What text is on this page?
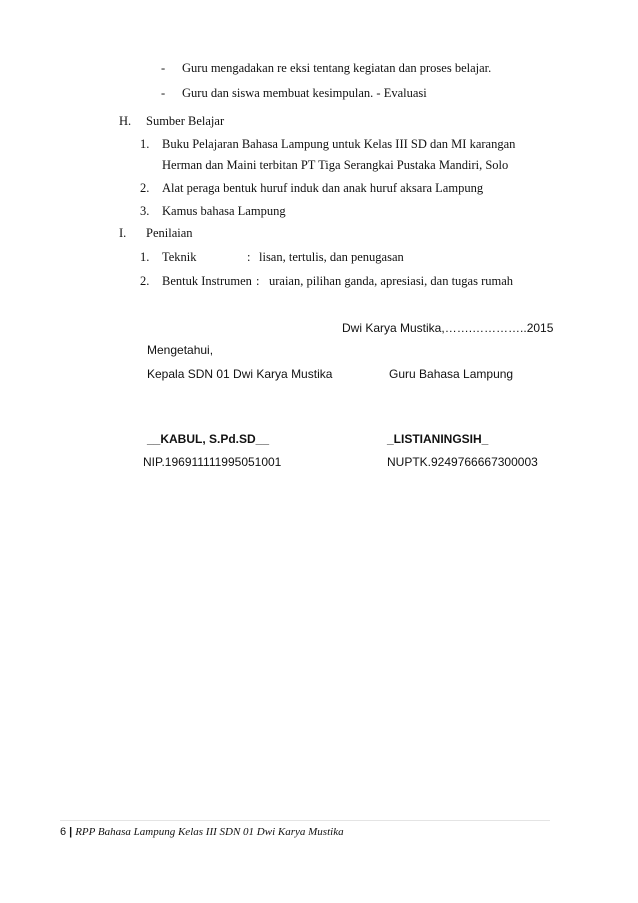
- Guru mengadakan re eksi tentang kegiatan dan proses belajar.
- Guru dan siswa membuat kesimpulan. - Evaluasi
H. Sumber Belajar
1. Buku Pelajaran Bahasa Lampung untuk Kelas III SD dan MI karangan
Herman dan Maini terbitan PT Tiga Serangkai Pustaka Mandiri, Solo
2. Alat peraga bentuk huruf induk dan anak huruf aksara Lampung
3. Kamus bahasa Lampung
I. Penilaian
1. Teknik	: lisan, tertulis, dan penugasan
2. Bentuk Instrumen : uraian, pilihan ganda, apresiasi, dan tugas rumah
Dwi Karya Mustika,…….…………..2015
Mengetahui,
Kepala SDN 01 Dwi Karya Mustika	Guru Bahasa Lampung
__KABUL, S.Pd.SD__	_LISTIANINGSIH_
NIP.196911111995051001	NUPTK.9249766667300003
6 | RPP Bahasa Lampung Kelas III SDN 01 Dwi Karya Mustika
